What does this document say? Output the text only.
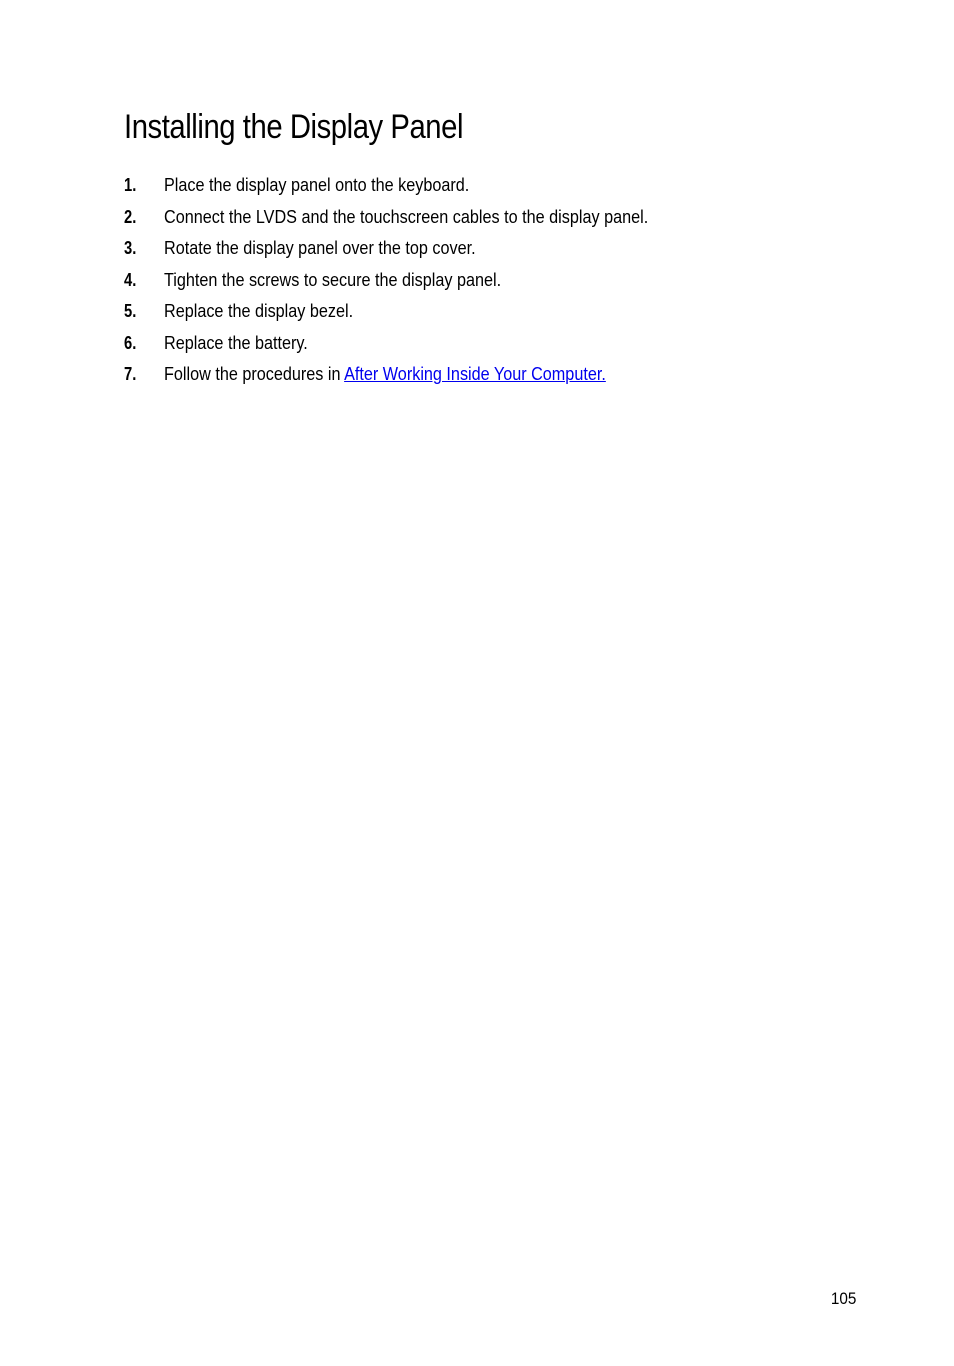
Installing the Display Panel
1. Place the display panel onto the keyboard.
2. Connect the LVDS and the touchscreen cables to the display panel.
3. Rotate the display panel over the top cover.
4. Tighten the screws to secure the display panel.
5. Replace the display bezel.
6. Replace the battery.
7. Follow the procedures in After Working Inside Your Computer.
105
